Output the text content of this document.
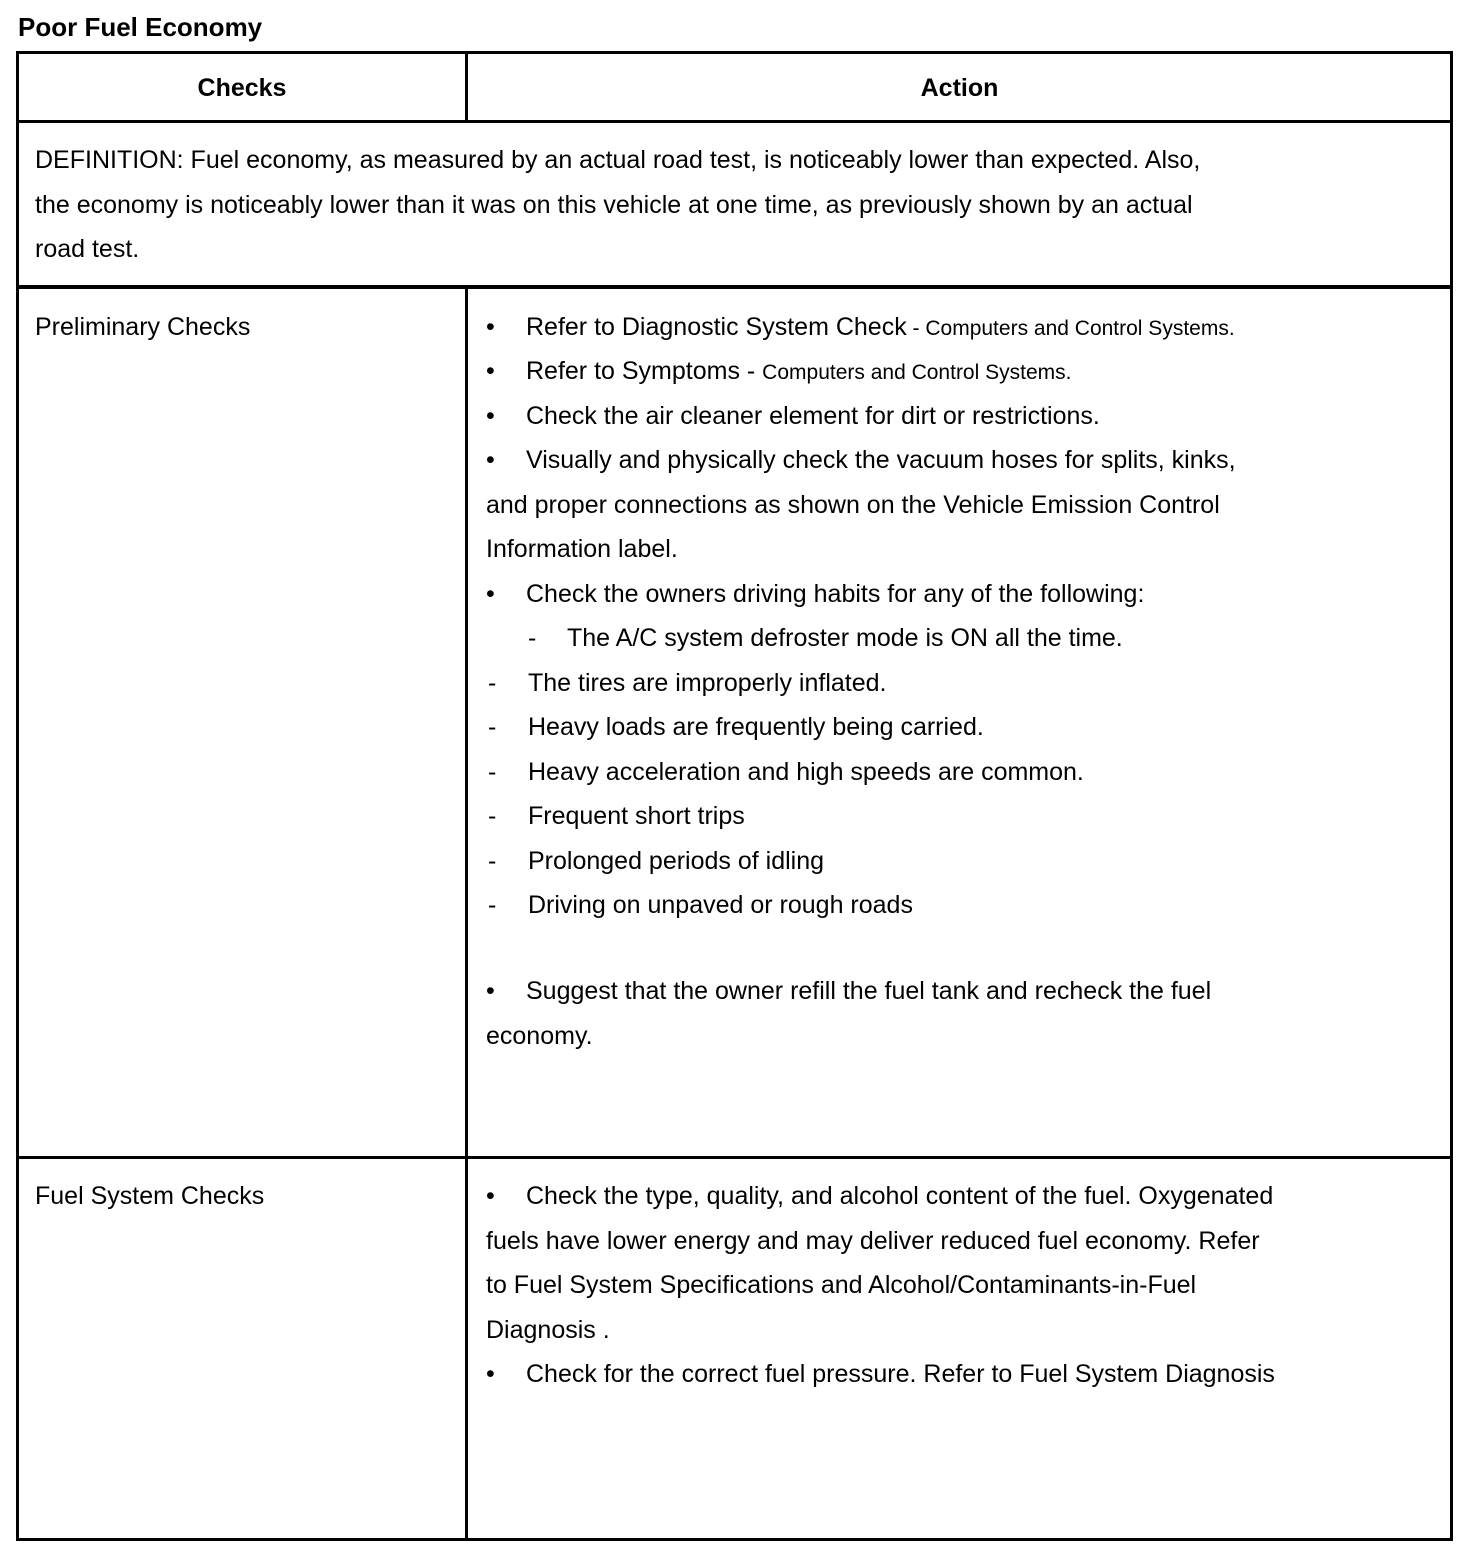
Poor Fuel Economy
Checks	Action
DEFINITION: Fuel economy, as measured by an actual road test, is noticeably lower than expected. Also,
the economy is noticeably lower than it was on this vehicle at one time, as previously shown by an actual
road test.
Preliminary Checks	• Refer to Diagnostic System Check - Computers and Control Systems.
• Refer to Symptoms - Computers and Control Systems.
• Check the air cleaner element for dirt or restrictions.
• Visually and physically check the vacuum hoses for splits, kinks,
and proper connections as shown on the Vehicle Emission Control
Information label.
• Check the owners driving habits for any of the following:
- The A/C system defroster mode is ON all the time.
- The tires are improperly inflated.
- Heavy loads are frequently being carried.
- Heavy acceleration and high speeds are common.
- Frequent short trips
- Prolonged periods of idling
- Driving on unpaved or rough roads
• Suggest that the owner refill the fuel tank and recheck the fuel
economy.
Fuel System Checks	• Check the type, quality, and alcohol content of the fuel. Oxygenated
fuels have lower energy and may deliver reduced fuel economy. Refer
to Fuel System Specifications and Alcohol/Contaminants-in-Fuel
Diagnosis .
• Check for the correct fuel pressure. Refer to Fuel System Diagnosis
